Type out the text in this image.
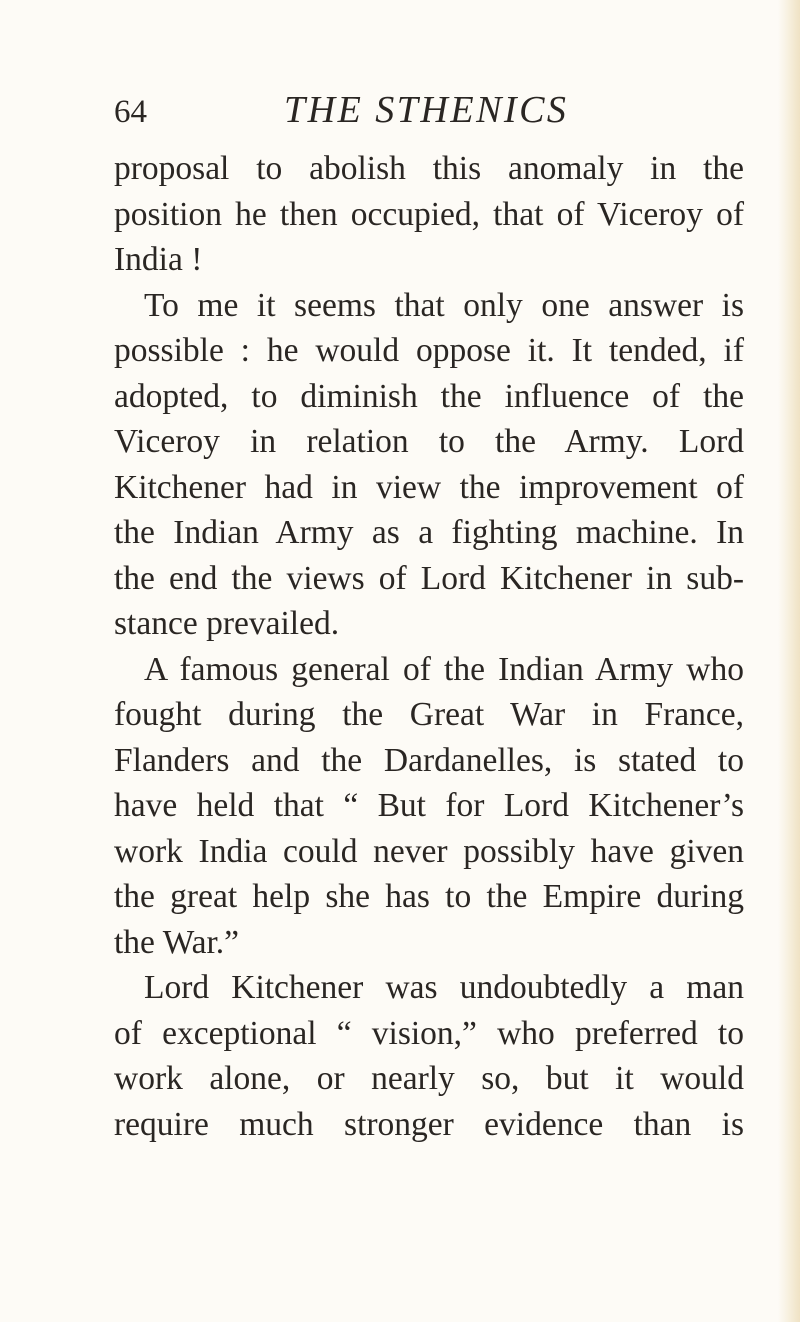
64	THE STHENICS
proposal to abolish this anomaly in the
position he then occupied, that of Viceroy of
India !
To me it seems that only one answer is
possible : he would oppose it. It tended, if
adopted, to diminish the influence of the
Viceroy in relation to the Army. Lord
Kitchener had in view the improvement of
the Indian Army as a fighting machine. In
the end the views of Lord Kitchener in sub-
stance prevailed.
A famous general of the Indian Army who
fought during the Great War in France,
Flanders and the Dardanelles, is stated to
have held that “ But for Lord Kitchener’s
work India could never possibly have given
the great help she has to the Empire during
the War.”
Lord Kitchener was undoubtedly a man
of exceptional “ vision,” who preferred to
work alone, or nearly so, but it would
require much stronger evidence than is
